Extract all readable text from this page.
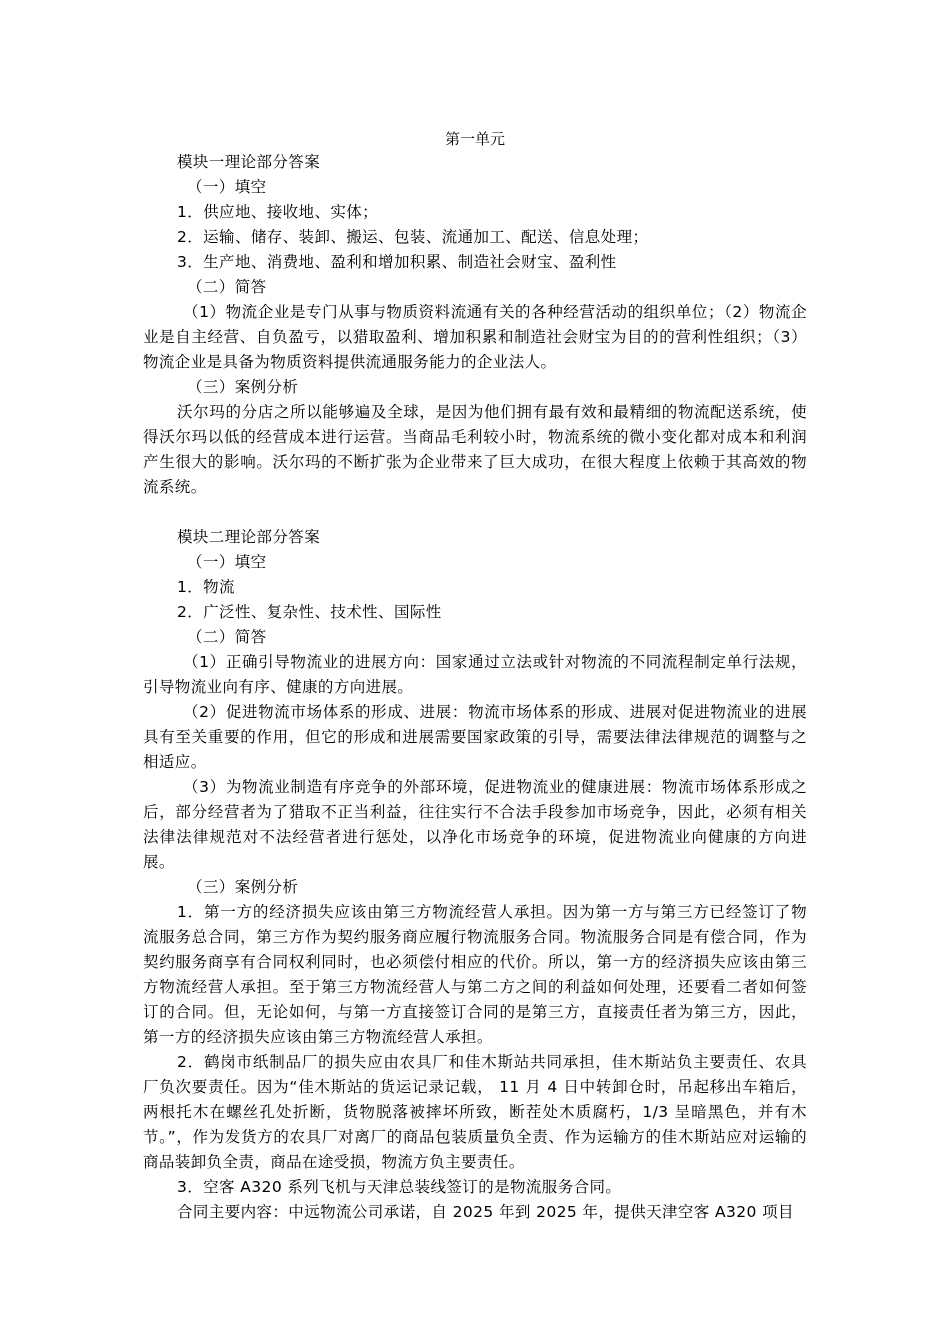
第一单元

模块一理论部分答案

（一）填空

1．供应地、接收地、实体；

2．运输、储存、装卸、搬运、包装、流通加工、配送、信息处理；

3．生产地、消费地、盈利和增加积累、制造社会财宝、盈利性

（二）简答

（1）物流企业是专门从事与物质资料流通有关的各种经营活动的组织单位；（2）物流企业是自主经营、自负盈亏，以猎取盈利、增加积累和制造社会财宝为目的的营利性组织；（3）物流企业是具备为物质资料提供流通服务能力的企业法人。

（三）案例分析

沃尔玛的分店之所以能够遍及全球，是因为他们拥有最有效和最精细的物流配送系统，使得沃尔玛以低的经营成本进行运营。当商品毛利较小时，物流系统的微小变化都对成本和利润产生很大的影响。沃尔玛的不断扩张为企业带来了巨大成功，在很大程度上依赖于其高效的物流系统。

模块二理论部分答案

（一）填空

1．物流

2．广泛性、复杂性、技术性、国际性

（二）简答

（1）正确引导物流业的进展方向：国家通过立法或针对物流的不同流程制定单行法规，引导物流业向有序、健康的方向进展。

（2）促进物流市场体系的形成、进展：物流市场体系的形成、进展对促进物流业的进展具有至关重要的作用，但它的形成和进展需要国家政策的引导，需要法律法律规范的调整与之相适应。

（3）为物流业制造有序竞争的外部环境，促进物流业的健康进展：物流市场体系形成之后，部分经营者为了猎取不正当利益，往往实行不合法手段参加市场竞争，因此，必须有相关法律法律规范对不法经营者进行惩处，以净化市场竞争的环境，促进物流业向健康的方向进展。

（三）案例分析

1．第一方的经济损失应该由第三方物流经营人承担。因为第一方与第三方已经签订了物流服务总合同，第三方作为契约服务商应履行物流服务合同。物流服务合同是有偿合同，作为契约服务商享有合同权利同时，也必须偿付相应的代价。所以，第一方的经济损失应该由第三方物流经营人承担。至于第三方物流经营人与第二方之间的利益如何处理，还要看二者如何签订的合同。但，无论如何，与第一方直接签订合同的是第三方，直接责任者为第三方，因此，第一方的经济损失应该由第三方物流经营人承担。

2．鹤岗市纸制品厂的损失应由农具厂和佳木斯站共同承担，佳木斯站负主要责任、农具厂负次要责任。因为“佳木斯站的货运记录记载， 11 月 4 日中转卸仓时，吊起移出车箱后，两根托木在螺丝孔处折断，货物脱落被摔坏所致，断茬处木质腐朽，1/3 呈暗黑色，并有木节。”，作为发货方的农具厂对离厂的商品包装质量负全责、作为运输方的佳木斯站应对运输的商品装卸负全责，商品在途受损，物流方负主要责任。

3．空客 A320 系列飞机与天津总装线签订的是物流服务合同。

合同主要内容：中远物流公司承诺，自 2025 年到 2025 年，提供天津空客 A320 项目
